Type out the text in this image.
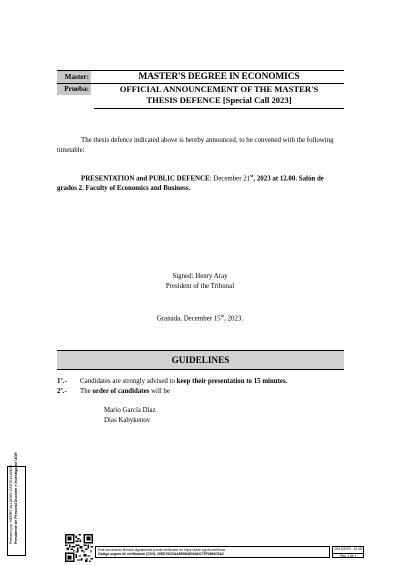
Master:	MASTER'S DEGREE IN ECONOMICS
Prueba:	OFFICIAL ANNOUNCEMENT OF THE MASTER'S THESIS DEFENCE [Special Call 2023]
The thesis defence indicated above is hereby announced, to be convened with the following timetable:
PRESENTATION and PUBLIC DEFENCE: December 21st, 2023 at 12.00. Salón de grados 2. Faculty of Economics and Business.
Signed: Henry Aray
President of the Tribunal
Granada, December 15th, 2023.
GUIDELINES
1º.- Candidates are strongly advised to keep their presentation to 15 minutes.
2º.- The order of candidates will be
Mario García Díaz
Dias Kabykenov
Firmado por: HENRY ALI ARAY CASTELLANOS Presidente de Personal Docente e Investigador UGR
Este documento firmado digitalmente puede verificarse en https://sede.ugr.es/verifirma/
Código seguro de verificación (CSV): 26ED76CDAA8E5B49D9ADC7FF2896CEA2
15/12/2023 - 12:48
Pág. 1 de 1
